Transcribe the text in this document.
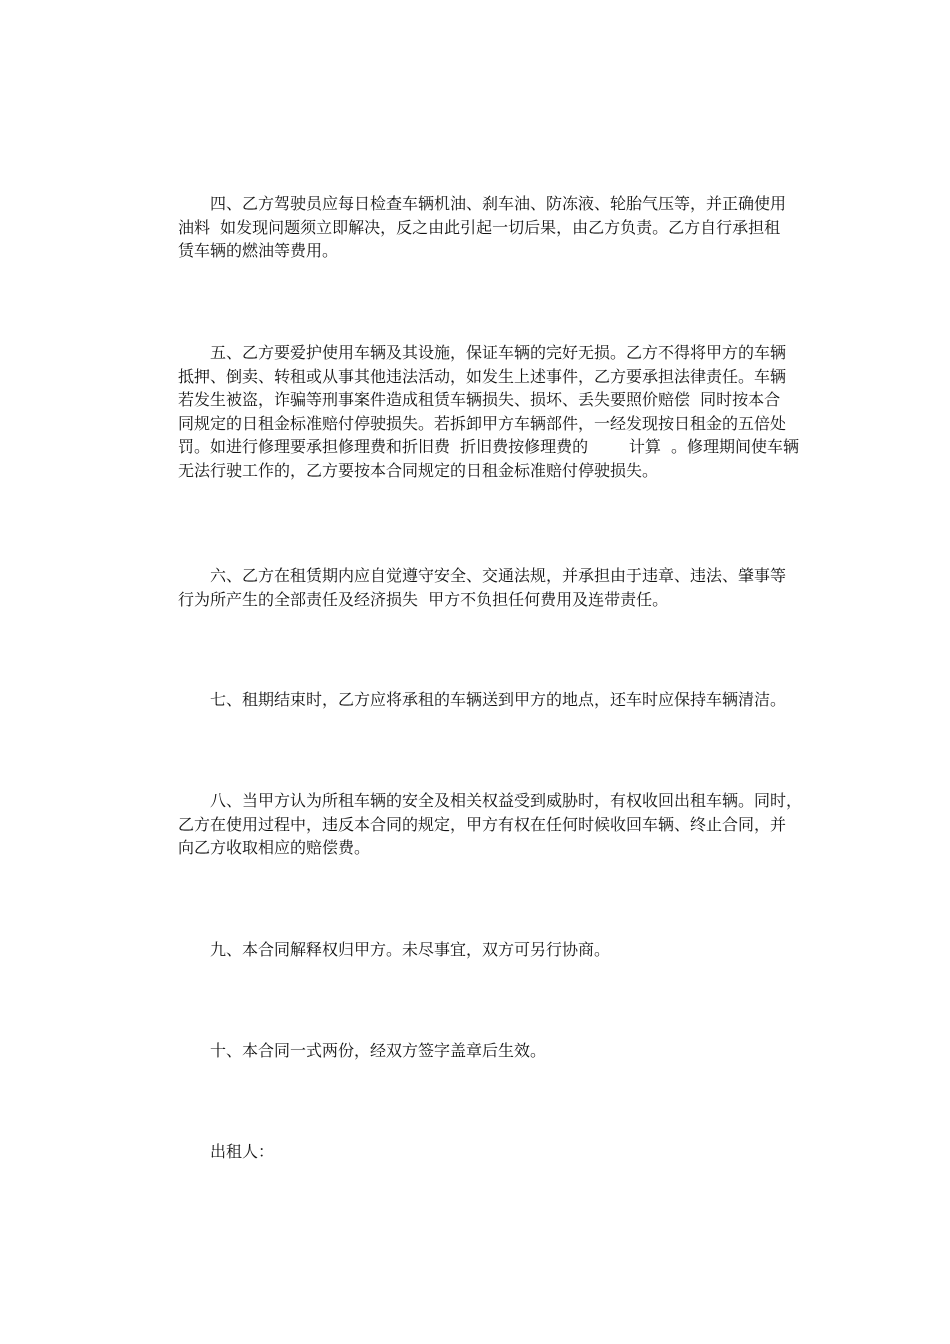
四、乙方驾驶员应每日检查车辆机油、刹车油、防冻液、轮胎气压等，并正确使用
油料  如发现问题须立即解决，反之由此引起一切后果，由乙方负责。乙方自行承担租
赁车辆的燃油等费用。
五、乙方要爱护使用车辆及其设施，保证车辆的完好无损。乙方不得将甲方的车辆
抵押、倒卖、转租或从事其他违法活动，如发生上述事件，乙方要承担法律责任。车辆
若发生被盗，诈骗等刑事案件造成租赁车辆损失、损坏、丢失要照价赔偿  同时按本合
同规定的日租金标准赔付停驶损失。若拆卸甲方车辆部件，一经发现按日租金的五倍处
罚。如进行修理要承担修理费和折旧费  折旧费按修理费的        计算  。修理期间使车辆
无法行驶工作的，乙方要按本合同规定的日租金标准赔付停驶损失。
六、乙方在租赁期内应自觉遵守安全、交通法规，并承担由于违章、违法、肇事等
行为所产生的全部责任及经济损失  甲方不负担任何费用及连带责任。
七、租期结束时，乙方应将承租的车辆送到甲方的地点，还车时应保持车辆清洁。
八、当甲方认为所租车辆的安全及相关权益受到威胁时，有权收回出租车辆。同时，
乙方在使用过程中，违反本合同的规定，甲方有权在任何时候收回车辆、终止合同，并
向乙方收取相应的赔偿费。
九、本合同解释权归甲方。未尽事宜，双方可另行协商。
十、本合同一式两份，经双方签字盖章后生效。
出租人：
